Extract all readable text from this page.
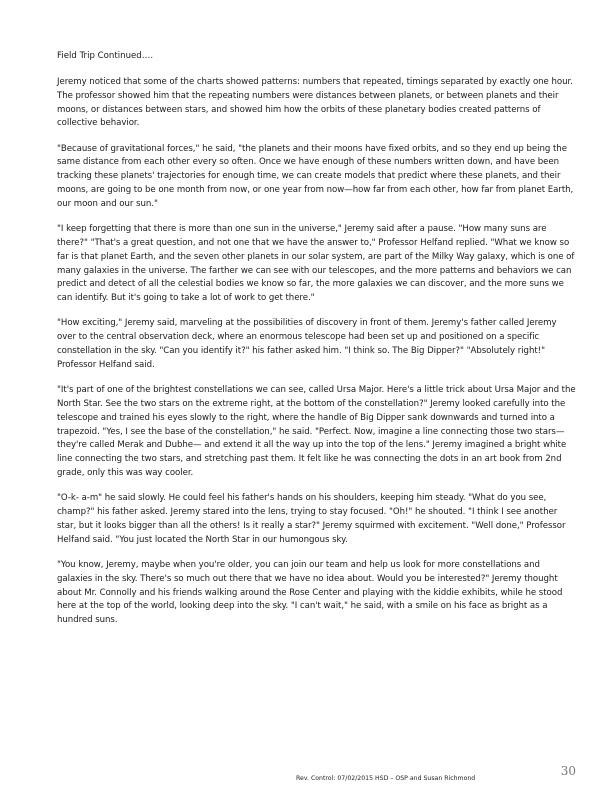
Field Trip Continued….

Jeremy noticed that some of the charts showed patterns: numbers that repeated, timings separated by exactly one hour. The professor showed him that the repeating numbers were distances between planets, or between planets and their moons, or distances between stars, and showed him how the orbits of these planetary bodies created patterns of collective behavior.

"Because of gravitational forces," he said, "the planets and their moons have fixed orbits, and so they end up being the same distance from each other every so often. Once we have enough of these numbers written down, and have been tracking these planets' trajectories for enough time, we can create models that predict where these planets, and their moons, are going to be one month from now, or one year from now—how far from each other, how far from planet Earth, our moon and our sun."

"I keep forgetting that there is more than one sun in the universe," Jeremy said after a pause. "How many suns are there?" "That's a great question, and not one that we have the answer to," Professor Helfand replied. "What we know so far is that planet Earth, and the seven other planets in our solar system, are part of the Milky Way galaxy, which is one of many galaxies in the universe. The farther we can see with our telescopes, and the more patterns and behaviors we can predict and detect of all the celestial bodies we know so far, the more galaxies we can discover, and the more suns we can identify. But it's going to take a lot of work to get there."

"How exciting," Jeremy said, marveling at the possibilities of discovery in front of them. Jeremy's father called Jeremy over to the central observation deck, where an enormous telescope had been set up and positioned on a specific constellation in the sky. "Can you identify it?" his father asked him. "I think so. The Big Dipper?" "Absolutely right!" Professor Helfand said.

"It's part of one of the brightest constellations we can see, called Ursa Major. Here's a little trick about Ursa Major and the North Star. See the two stars on the extreme right, at the bottom of the constellation?" Jeremy looked carefully into the telescope and trained his eyes slowly to the right, where the handle of Big Dipper sank downwards and turned into a trapezoid. "Yes, I see the base of the constellation," he said. "Perfect. Now, imagine a line connecting those two stars—they're called Merak and Dubhe— and extend it all the way up into the top of the lens." Jeremy imagined a bright white line connecting the two stars, and stretching past them. It felt like he was connecting the dots in an art book from 2nd grade, only this was way cooler.

"O-k- a-m" he said slowly. He could feel his father's hands on his shoulders, keeping him steady. "What do you see, champ?" his father asked. Jeremy stared into the lens, trying to stay focused. "Oh!" he shouted. "I think I see another star, but it looks bigger than all the others! Is it really a star?" Jeremy squirmed with excitement. "Well done," Professor Helfand said. "You just located the North Star in our humongous sky.

"You know, Jeremy, maybe when you're older, you can join our team and help us look for more constellations and galaxies in the sky. There's so much out there that we have no idea about. Would you be interested?" Jeremy thought about Mr. Connolly and his friends walking around the Rose Center and playing with the kiddie exhibits, while he stood here at the top of the world, looking deep into the sky. "I can't wait," he said, with a smile on his face as bright as a hundred suns.

Rev. Control: 07/02/2015 HSD – OSP and Susan Richmond
30
